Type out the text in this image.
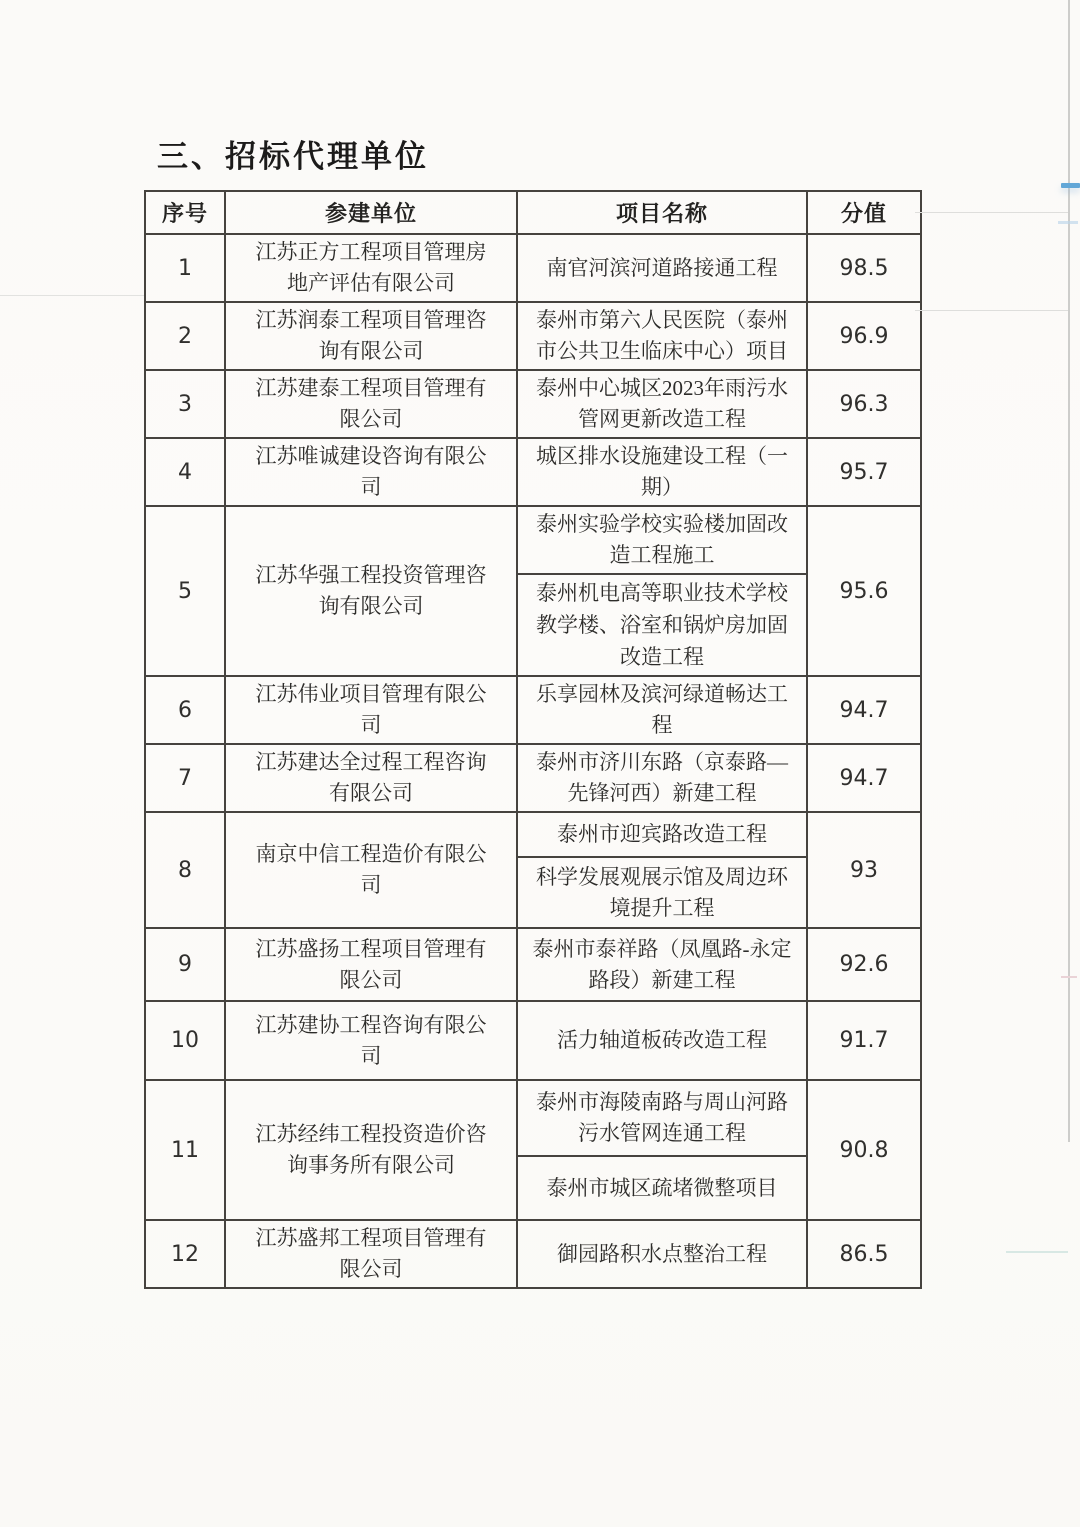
三、招标代理单位
序号	参建单位	项目名称	分值
1	江苏正方工程项目管理房地产评估有限公司	南官河滨河道路接通工程	98.5
2	江苏润泰工程项目管理咨询有限公司	泰州市第六人民医院（泰州市公共卫生临床中心）项目	96.9
3	江苏建泰工程项目管理有限公司	泰州中心城区2023年雨污水管网更新改造工程	96.3
4	江苏唯诚建设咨询有限公司	城区排水设施建设工程（一期）	95.7
5	江苏华强工程投资管理咨询有限公司	泰州实验学校实验楼加固改造工程施工	95.6
		泰州机电高等职业技术学校教学楼、浴室和锅炉房加固改造工程	
6	江苏伟业项目管理有限公司	乐享园林及滨河绿道畅达工程	94.7
7	江苏建达全过程工程咨询有限公司	泰州市济川东路（京泰路—先锋河西）新建工程	94.7
8	南京中信工程造价有限公司	泰州市迎宾路改造工程	93
		科学发展观展示馆及周边环境提升工程	
9	江苏盛扬工程项目管理有限公司	泰州市泰祥路（凤凰路-永定路段）新建工程	92.6
10	江苏建协工程咨询有限公司	活力轴道板砖改造工程	91.7
11	江苏经纬工程投资造价咨询事务所有限公司	泰州市海陵南路与周山河路污水管网连通工程	90.8
		泰州市城区疏堵微整项目	
12	江苏盛邦工程项目管理有限公司	御园路积水点整治工程	86.5
